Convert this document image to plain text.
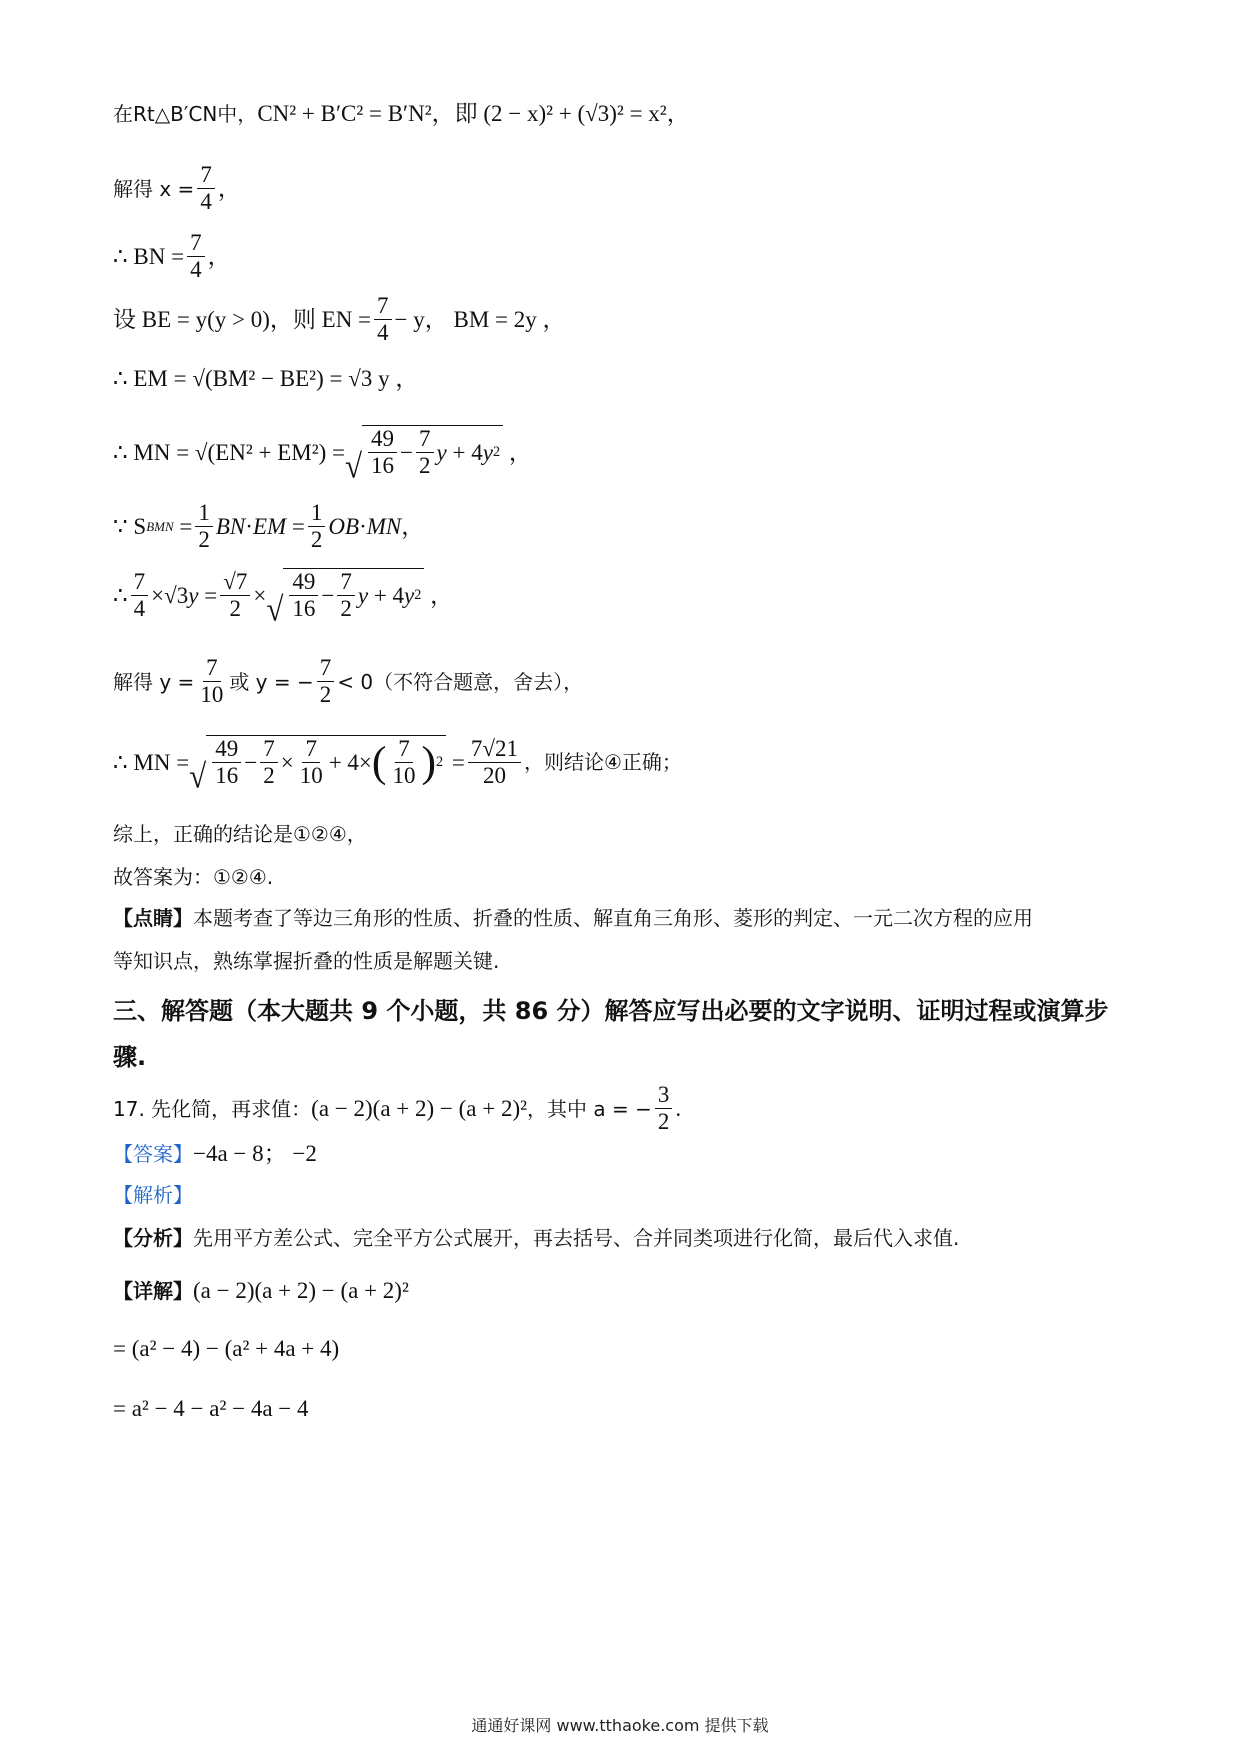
在Rt△B′CN中， CN² + B′C² = B′N²，即 (2 − x)² + (√3)² = x²，
解得 $x = \frac{7}{4}$ ，
∴ BN = $\frac{7}{4}$ ，
设 BE = y(y > 0)，则 EN = $\frac{7}{4} - y$， BM = 2y ，
∴ EM = √(BM² − BE²) = √3 y ，
∴ MN = √(EN² + EM²) = √ $\frac{49}{16} - \frac{7}{2}$ y + 4 y 2 ，
∵ S BMN = $\frac{1}{2}$ BN · EM = $\frac{1}{2}$ OB · MN ，
∴ $\frac{7}{4} \times√3$ $y = \frac{√7}{2}$ × √ $\frac{49}{16} - \frac{7}{2}$ y + 4 y 2 ，
解得 $y = \frac{7}{10}$ 或 y = − $\frac{7}{2} < 0$（不符合题意，舍去），
∴ MN = √ $\frac{49}{16} - \frac{7}{2} \times \frac{7}{10} + 4\times$ ( $\frac{7}{10}$ ) $2 = \frac{7√21}{20}$ ，则结论④正确；
综上，正确的结论是①②④，
故答案为：①②④.
【点睛】 本题考查了等边三角形的性质、折叠的性质、解直角三角形、菱形的判定、一元二次方程的应用
等知识点，熟练掌握折叠的性质是解题关键.
三、解答题（本大题共 9 个小题，共 86 分）解答应写出必要的文字说明、证明过程或演算步
骤.
17. 先化简，再求值： (a − 2)(a + 2) − (a + 2)² ，其中 a = − $\frac{3}{2}$ .
【答案】 −4a − 8； −2
【解析】
【分析】 先用平方差公式、完全平方公式展开，再去括号、合并同类项进行化简，最后代入求值.
【详解】 (a − 2)(a + 2) − (a + 2)²
= (a² − 4) − (a² + 4a + 4)
= a² − 4 − a² − 4a − 4
通通好课网 www.tthaoke.com 提供下载
